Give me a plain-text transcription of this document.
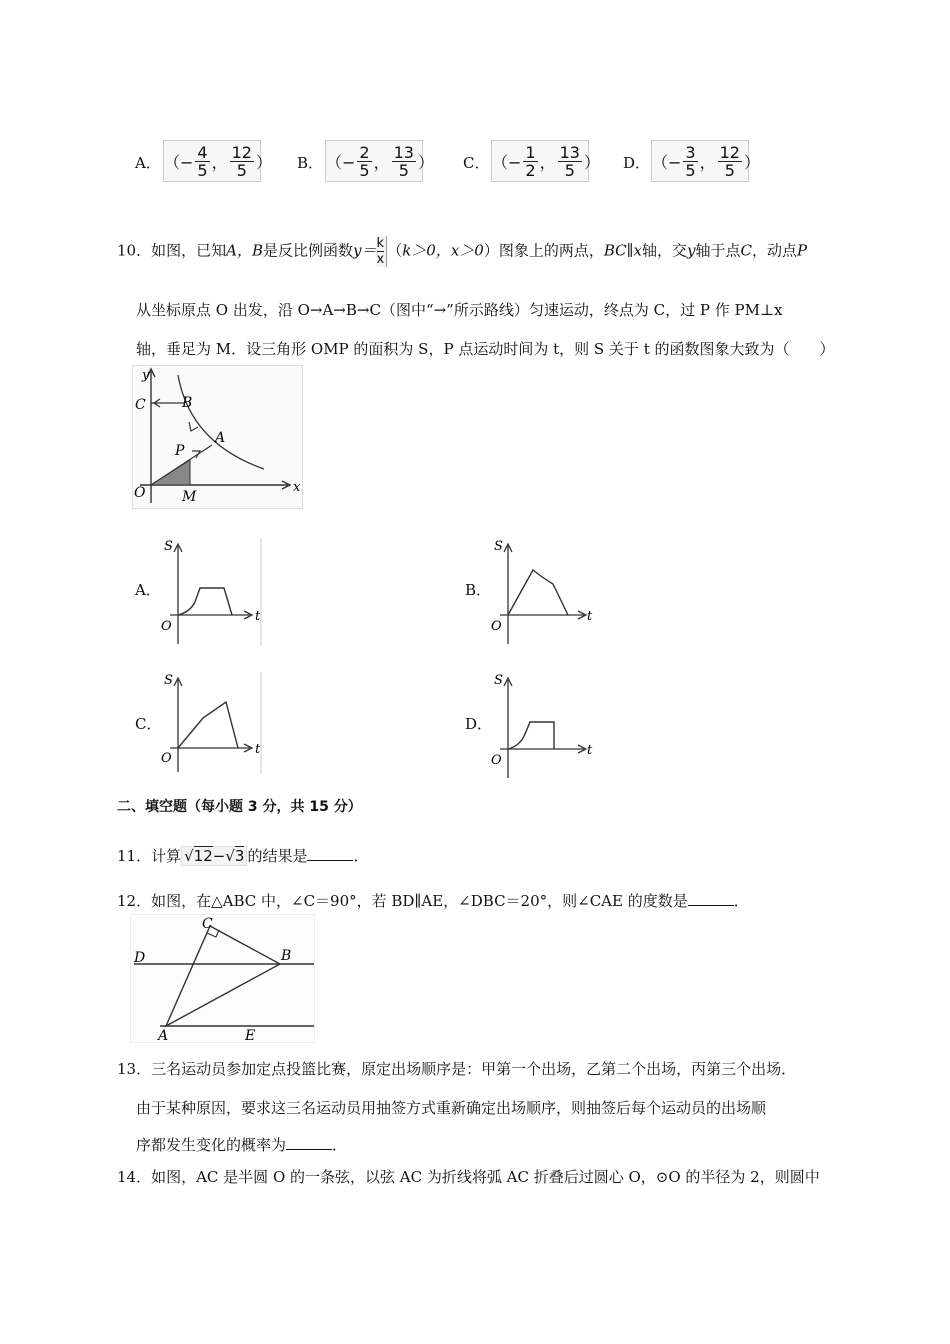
A． （− $\frac{4}{5}$ ， $\frac{12}{5}$ ） B． （− $\frac{2}{5}$ ， $\frac{13}{5}$ ） C． （− $\frac{1}{2}$ ， $\frac{13}{5}$ ） D． （− $\frac{3}{5}$ ， $\frac{12}{5}$ ）
10．如图，已知A，B是反比例函数$y= \frac{k}{x} (k>0$，x＞0）图象上的两点，BC∥x轴，交y轴于点C，动点P
从坐标原点 O 出发，沿 O→A→B→C（图中“→”所示路线）匀速运动，终点为 C，过 P 作 PM⊥x
轴，垂足为 M．设三角形 OMP 的面积为 S，P 点运动时间为 t，则 S 关于 t 的函数图象大致为（　　）
y
x
C	B
A
P
O	M
A．
S
t
O
B．
S
t
O
C．
S
t
O
D．
S
t
O
二、填空题（每小题 3 分，共 15 分）
11．计算 √12−√3 的结果是	．
12．如图，在△ABC 中，∠C＝90°，若 BD∥AE，∠DBC＝20°，则∠CAE 的度数是	．
C
D	B
A	E
13．三名运动员参加定点投篮比赛，原定出场顺序是：甲第一个出场，乙第二个出场，丙第三个出场．
由于某种原因，要求这三名运动员用抽签方式重新确定出场顺序，则抽签后每个运动员的出场顺
序都发生变化的概率为	．
14．如图，AC 是半圆 O 的一条弦，以弦 AC 为折线将弧 AC 折叠后过圆心 O，⊙O 的半径为 2，则圆中
